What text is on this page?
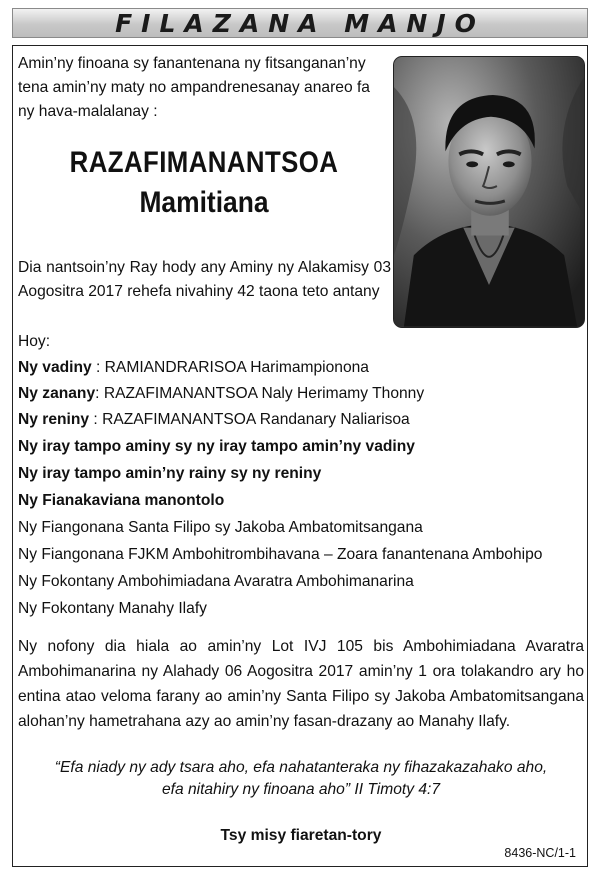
FILAZANA MANJO

Amin’ny finoana sy fanantenana ny fitsanganan’ny tena amin’ny maty no ampandrenesanay anareo fa ny hava-malalanay :

RAZAFIMANANTSOA
Mamitiana

Dia nantsoin’ny Ray hody any Aminy ny Alakamisy 03 Aogositra 2017 rehefa nivahiny 42 taona teto antany

Hoy:
Ny vadiny : RAMIANDRARISOA Harimampionona
Ny zanany: RAZAFIMANANTSOA Naly Herimamy Thonny
Ny reniny : RAZAFIMANANTSOA Randanary Naliarisoa
Ny iray tampo aminy sy ny iray tampo amin’ny vadiny
Ny iray tampo amin’ny rainy sy ny reniny
Ny Fianakaviana manontolo
Ny Fiangonana Santa Filipo sy Jakoba Ambatomitsangana
Ny Fiangonana FJKM Ambohitrombihavana – Zoara fanantenana Ambohipo
Ny Fokontany Ambohimiadana Avaratra Ambohimanarina
Ny Fokontany Manahy Ilafy

Ny nofony dia hiala ao amin’ny Lot IVJ 105 bis Ambohimiadana Avaratra Ambohimanarina ny Alahady 06 Aogositra 2017 amin’ny 1 ora tolakandro ary ho entina atao veloma farany ao amin’ny Santa Filipo sy Jakoba Ambatomitsangana alohan’ny hametrahana azy ao amin’ny fasan-drazany ao Manahy Ilafy.

“Efa niady ny ady tsara aho, efa nahatanteraka ny fihazakazahako aho,
efa nitahiry ny finoana aho” II Timoty 4:7
Tsy misy fiaretan-tory
8436-NC/1-1
